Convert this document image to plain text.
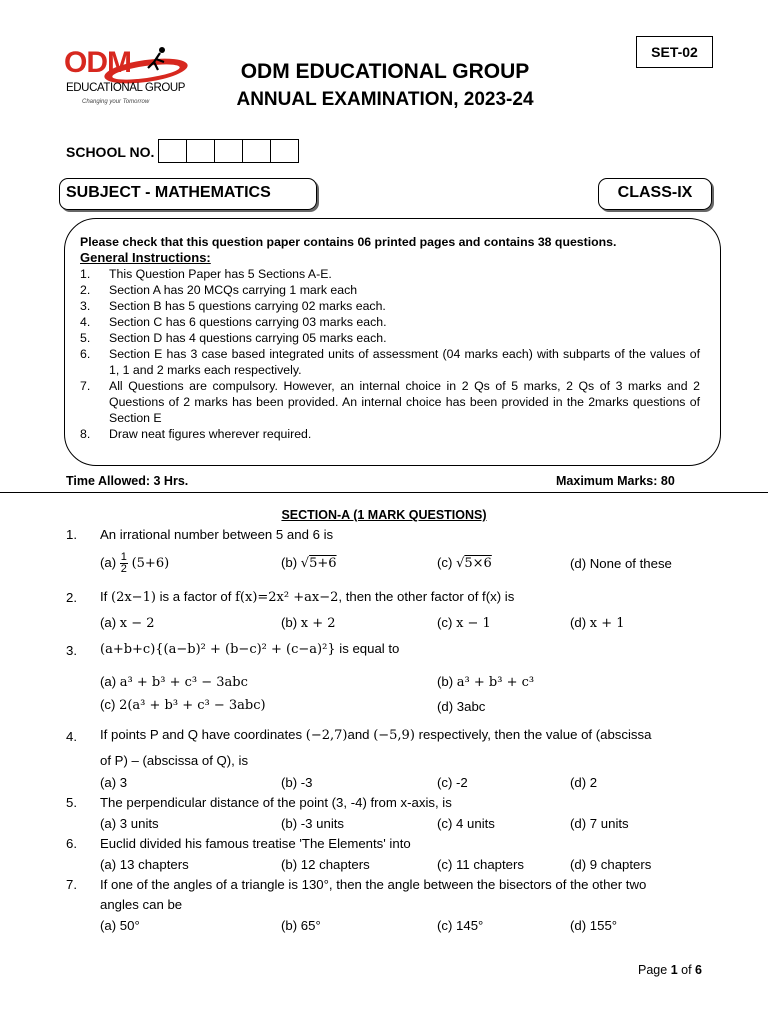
SET-02
ODM
EDUCATIONAL GROUP
Changing your Tomorrow
ODM EDUCATIONAL GROUP
ANNUAL EXAMINATION, 2023-24
SCHOOL NO.
SUBJECT - MATHEMATICS	CLASS-IX
Please check that this question paper contains 06 printed pages and contains 38 questions.
General Instructions:
1.	This Question Paper has 5 Sections A-E.
2.	Section A has 20 MCQs carrying 1 mark each
3.	Section B has 5 questions carrying 02 marks each.
4.	Section C has 6 questions carrying 03 marks each.
5.	Section D has 4 questions carrying 05 marks each.
6.	Section E has 3 case based integrated units of assessment (04 marks each) with subparts of the values of 1, 1 and 2 marks each respectively.
7.	All Questions are compulsory. However, an internal choice in 2 Qs of 5 marks, 2 Qs of 3 marks and 2 Questions of 2 marks has been provided. An internal choice has been provided in the 2marks questions of Section E
8.	Draw neat figures wherever required.
Time Allowed: 3 Hrs.	Maximum Marks: 80
SECTION-A (1 MARK QUESTIONS)
1. An irrational number between 5 and 6 is
$(a) \frac{1}{2} (5+6)$	(b) √5+6	(c) √5×6	(d) None of these
2. If (2x−1) is a factor of f(x)=2x² +ax−2, then the other factor of f(x) is
(a) x − 2	(b) x + 2	(c) x − 1	(d) x + 1
3. (a+b+c){(a−b)² + (b−c)² + (c−a)²} is equal to
(a) a³ + b³ + c³ − 3abc	(b) a³ + b³ + c³
(c) 2(a³ + b³ + c³ − 3abc)	(d) 3abc
4. If points P and Q have coordinates (−2,7)and (−5,9) respectively, then the value of (abscissa
of P) – (abscissa of Q), is
(a) 3	(b) -3	(c) -2	(d) 2
5. The perpendicular distance of the point (3, -4) from x-axis, is
(a) 3 units	(b) -3 units	(c) 4 units	(d) 7 units
6. Euclid divided his famous treatise 'The Elements' into
(a) 13 chapters	(b) 12 chapters	(c) 11 chapters	(d) 9 chapters
7. If one of the angles of a triangle is 130°, then the angle between the bisectors of the other two
angles can be
(a) 50°	(b) 65°	(c) 145°	(d) 155°
Page 1 of 6
